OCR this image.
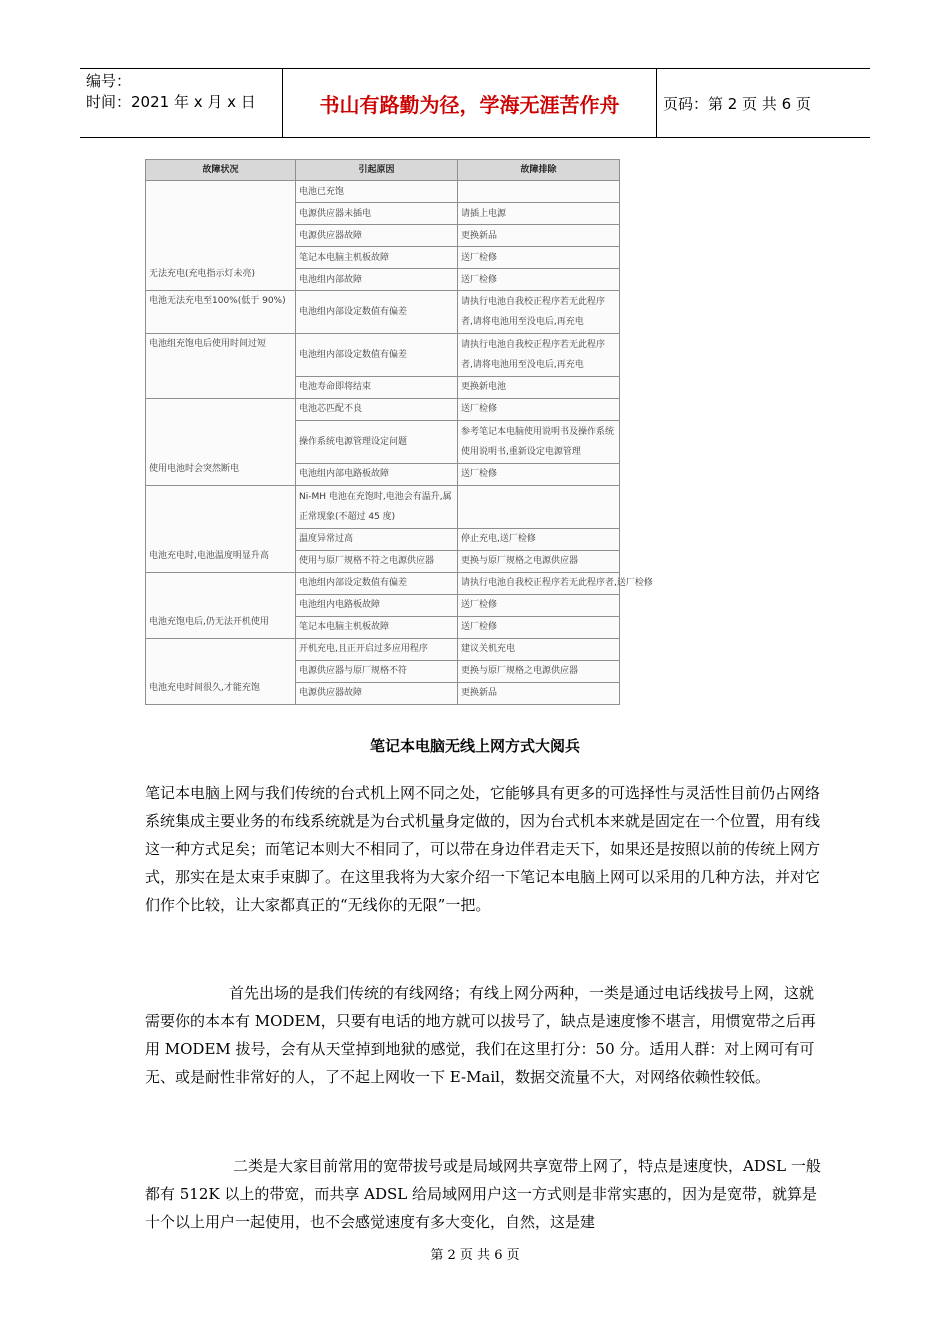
编号：
时间：2021 年 x 月 x 日	书山有路勤为径，学海无涯苦作舟	页码：第 2 页 共 6 页
故障状况	引起原因	故障排除
无法充电(充电指示灯未亮)	电池已充饱	
	电源供应器未插电	请插上电源
	电源供应器故障	更换新品
	笔记本电脑主机板故障	送厂检修
	电池组内部故障	送厂检修
电池无法充电至100%(低于 90%)	电池组内部设定数值有偏差	请执行电池自我校正程序若无此程序者,请将电池用至没电后,再充电
电池组充饱电后使用时间过短	电池组内部设定数值有偏差	请执行电池自我校正程序若无此程序者,请将电池用至没电后,再充电
	电池寿命即将结束	更换新电池
使用电池时会突然断电	电池芯匹配不良	送厂检修
	操作系统电源管理设定问题	参考笔记本电脑使用说明书及操作系统使用说明书,重新设定电源管理
	电池组内部电路板故障	送厂检修
电池充电时,电池温度明显升高	Ni-MH 电池在充饱时,电池会有温升,属正常现象(不超过 45 度)	
	温度异常过高	停止充电,送厂检修
	使用与原厂规格不符之电源供应器	更换与原厂规格之电源供应器
电池充饱电后,仍无法开机使用	电池组内部设定数值有偏差	请执行电池自我校正程序若无此程序者,送厂检修
	电池组内电路板故障	送厂检修
	笔记本电脑主机板故障	送厂检修
电池充电时间很久,才能充饱	开机充电,且正开启过多应用程序	建议关机充电
	电源供应器与原厂规格不符	更换与原厂规格之电源供应器
	电源供应器故障	更换新品
笔记本电脑无线上网方式大阅兵

笔记本电脑上网与我们传统的台式机上网不同之处，它能够具有更多的可选择性与灵活性目前仍占网络系统集成主要业务的布线系统就是为台式机量身定做的，因为台式机本来就是固定在一个位置，用有线这一种方式足矣；而笔记本则大不相同了，可以带在身边伴君走天下，如果还是按照以前的传统上网方式，那实在是太束手束脚了。在这里我将为大家介绍一下笔记本电脑上网可以采用的几种方法，并对它们作个比较，让大家都真正的“无线你的无限”一把。

首先出场的是我们传统的有线网络；有线上网分两种，一类是通过电话线拔号上网，这就需要你的本本有 MODEM，只要有电话的地方就可以拔号了，缺点是速度惨不堪言，用惯宽带之后再用 MODEM 拔号，会有从天堂掉到地狱的感觉，我们在这里打分：50 分。适用人群：对上网可有可无、或是耐性非常好的人，了不起上网收一下 E-Mail，数据交流量不大，对网络依赖性较低。

二类是大家目前常用的宽带拔号或是局域网共享宽带上网了，特点是速度快，ADSL 一般都有 512K 以上的带宽，而共享 ADSL 给局域网用户这一方式则是非常实惠的，因为是宽带，就算是十个以上用户一起使用，也不会感觉速度有多大变化，自然，这是建

第 2 页 共 6 页
